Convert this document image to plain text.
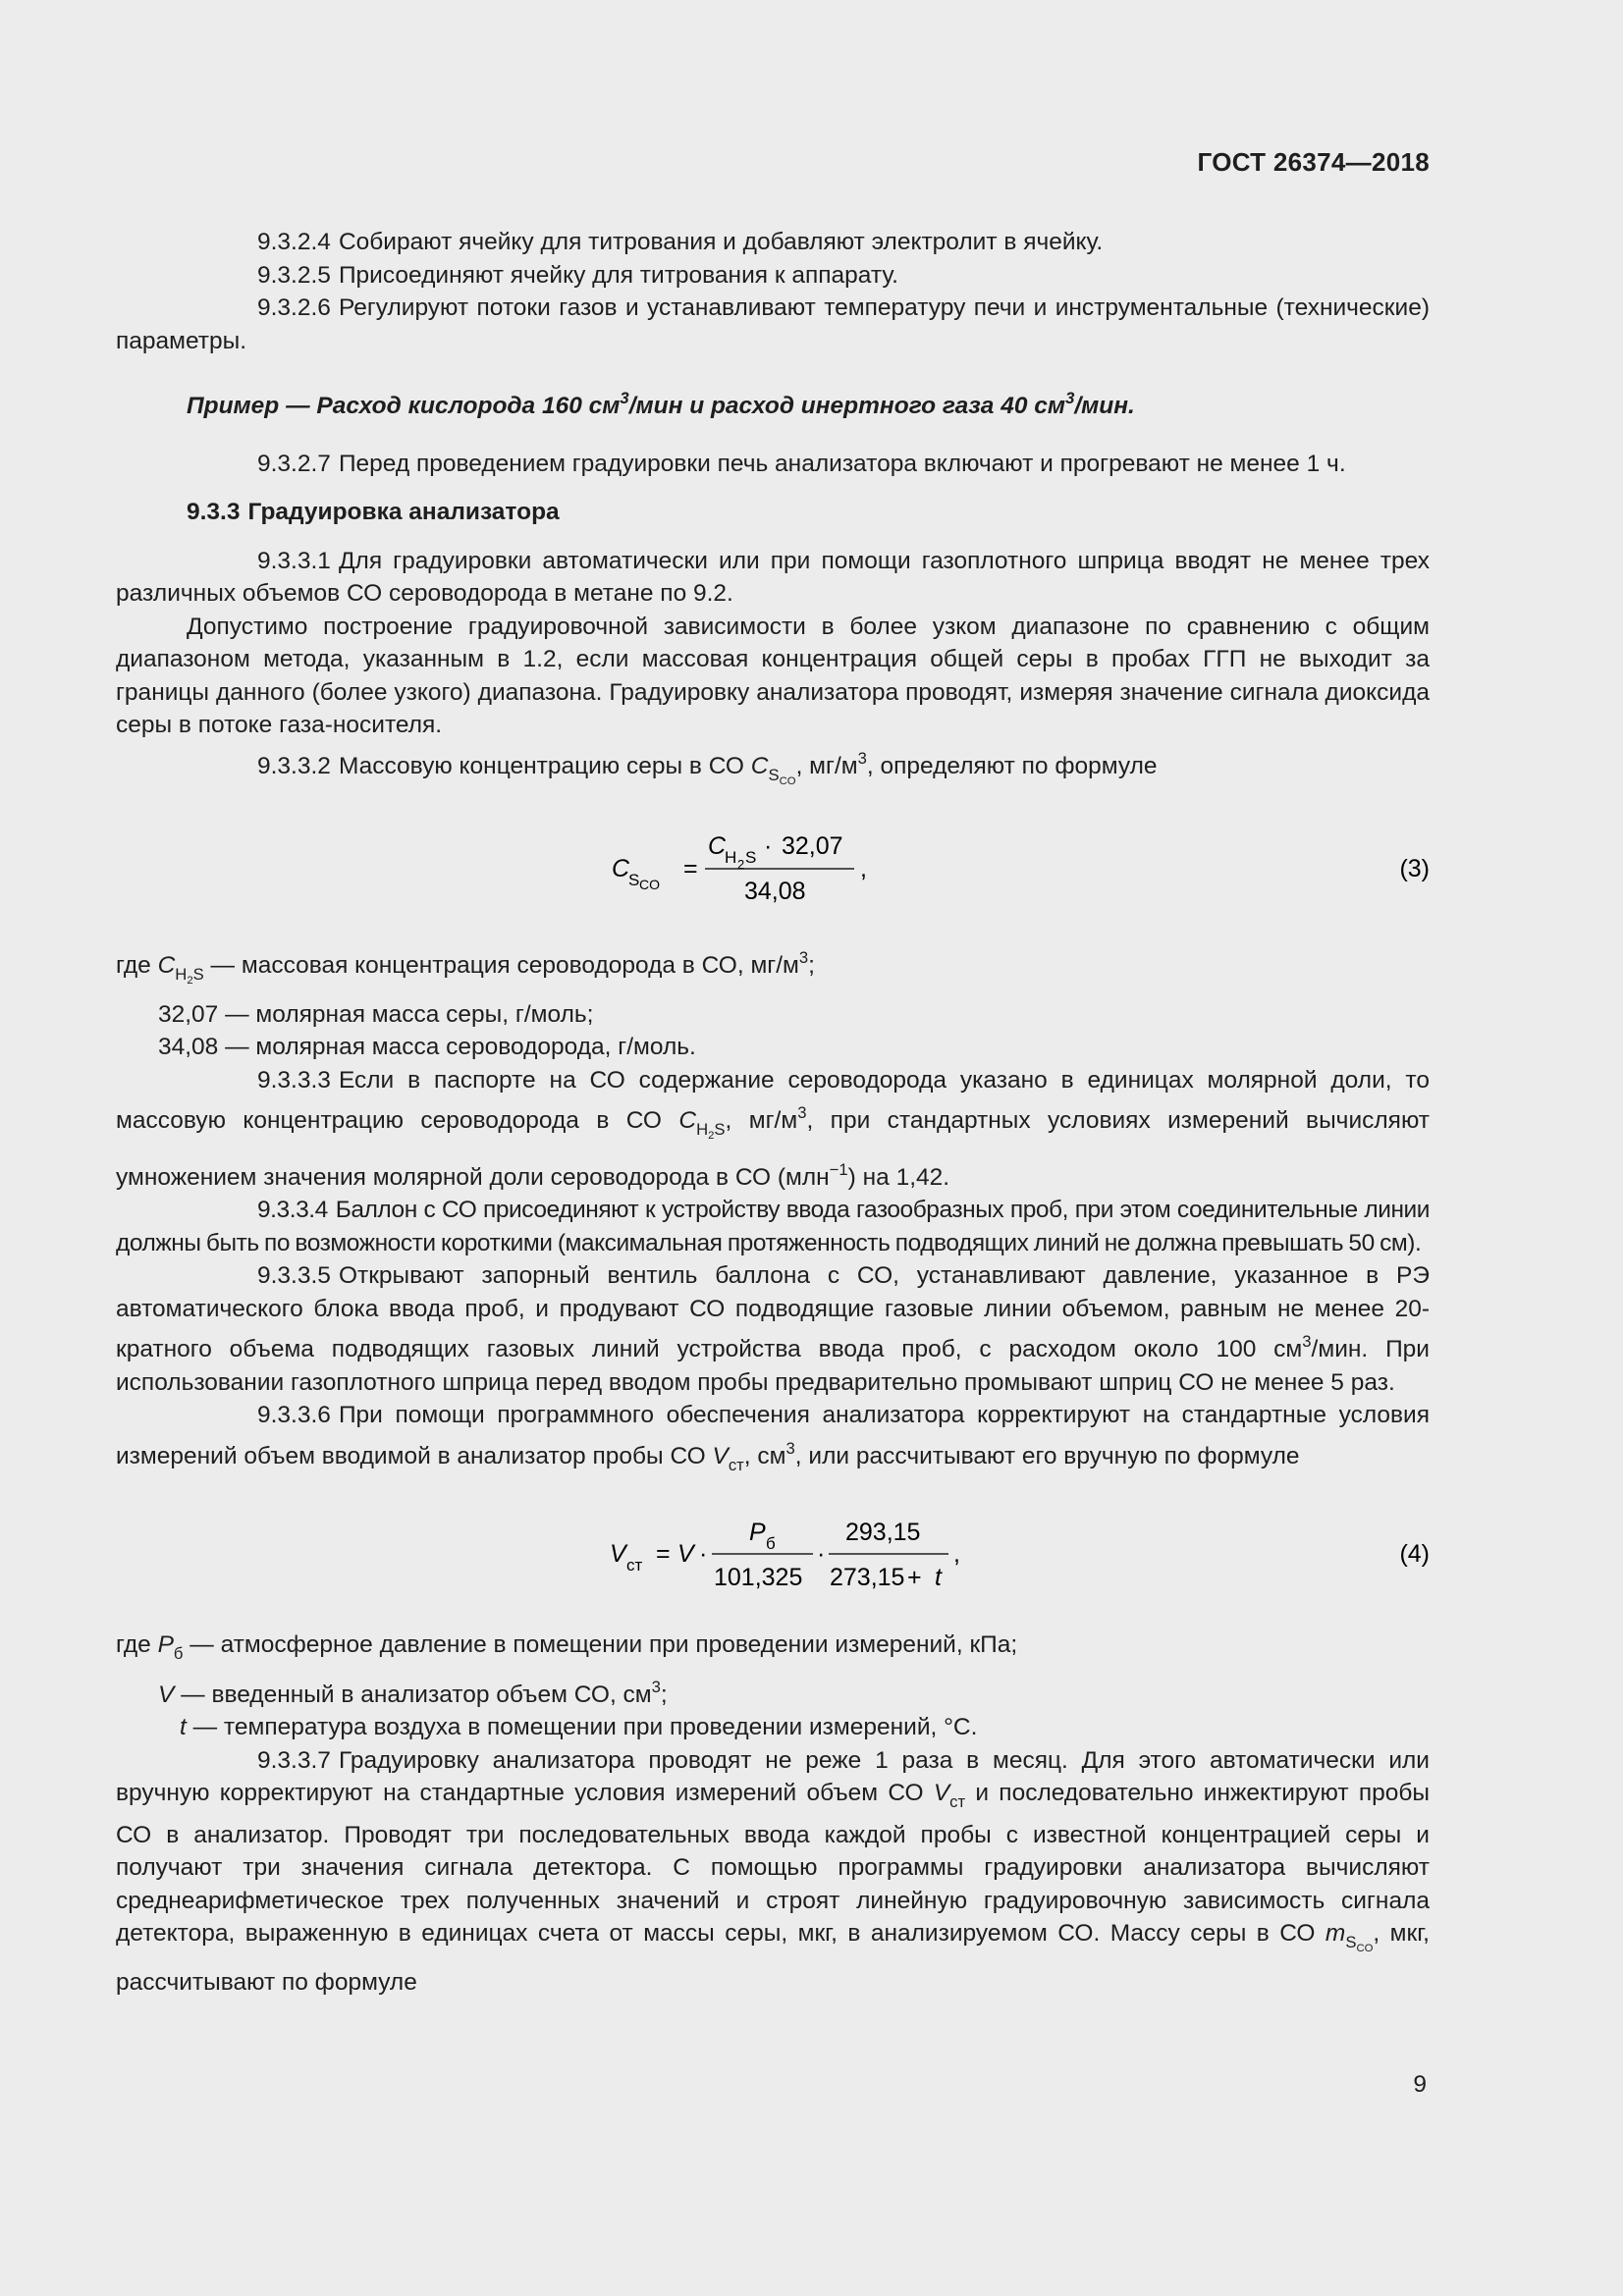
ГОСТ 26374—2018

9.3.2.4 Собирают ячейку для титрования и добавляют электролит в ячейку.

9.3.2.5 Присоединяют ячейку для титрования к аппарату.

9.3.2.6 Регулируют потоки газов и устанавливают температуру печи и инструментальные (технические) параметры.

Пример — Расход кислорода 160 $см^3$/мин и расход инертного газа 40 $см^3$/мин.

9.3.2.7 Перед проведением градуировки печь анализатора включают и прогревают не менее 1 ч.

9.3.3 Градуировка анализатора

9.3.3.1 Для градуировки автоматически или при помощи газоплотного шприца вводят не менее трех различных объемов СО сероводорода в метане по 9.2.

Допустимо построение градуировочной зависимости в более узком диапазоне по сравнению с общим диапазоном метода, указанным в 1.2, если массовая концентрация общей серы в пробах ГГП не выходит за границы данного (более узкого) диапазона. Градуировку анализатора проводят, измеряя значение сигнала диоксида серы в потоке газа-носителя.

9.3.3.2 Массовую концентрацию серы в СО $C_{S_{CO}}$, $мг/м^3$, определяют по формуле

C
S CO
=
C
H 2 S · 32,07
34,08
,	(3)

где $C_{H_2S}$ — массовая концентрация сероводорода в СО, $мг/м^3$;

32,07 — молярная масса серы, г/моль;

34,08 — молярная масса сероводорода, г/моль.

9.3.3.3 Если в паспорте на СО содержание сероводорода указано в единицах молярной доли, то массовую концентрацию сероводорода в СО $C_{H_2S}$, $мг/м^3$, при стандартных условиях измерений вычисляют умножением значения молярной доли сероводорода в СО (млн$^{-1}$) на 1,42.

9.3.3.4 Баллон с СО присоединяют к устройству ввода газообразных проб, при этом соединительные линии должны быть по возможности короткими (максимальная протяженность подводящих линий не должна превышать 50 см).

9.3.3.5 Открывают запорный вентиль баллона с СО, устанавливают давление, указанное в РЭ автоматического блока ввода проб, и продувают СО подводящие газовые линии объемом, равным не менее 20-кратного объема подводящих газовых линий устройства ввода проб, с расходом около 100 $см^3$/мин. При использовании газоплотного шприца перед вводом пробы предварительно промывают шприц СО не менее 5 раз.

9.3.3.6 При помощи программного обеспечения анализатора корректируют на стандартные условия измерений объем вводимой в анализатор пробы СО $V_{ст}$, $см^3$, или рассчитывают его вручную по формуле

V ст = V ·
P б
101,325
·
293,15
273,15 + t
,	(4)

где $P_б$ — атмосферное давление в помещении при проведении измерений, кПа;

V — введенный в анализатор объем СО, $см^3$;

t — температура воздуха в помещении при проведении измерений, °С.

9.3.3.7 Градуировку анализатора проводят не реже 1 раза в месяц. Для этого автоматически или вручную корректируют на стандартные условия измерений объем СО $V_{ст}$ и последовательно инжектируют пробы СО в анализатор. Проводят три последовательных ввода каждой пробы с известной концентрацией серы и получают три значения сигнала детектора. С помощью программы градуировки анализатора вычисляют среднеарифметическое трех полученных значений и строят линейную градуировочную зависимость сигнала детектора, выраженную в единицах счета от массы серы, мкг, в анализируемом СО. Массу серы в СО $m_{S_{CO}}$, мкг, рассчитывают по формуле

9
